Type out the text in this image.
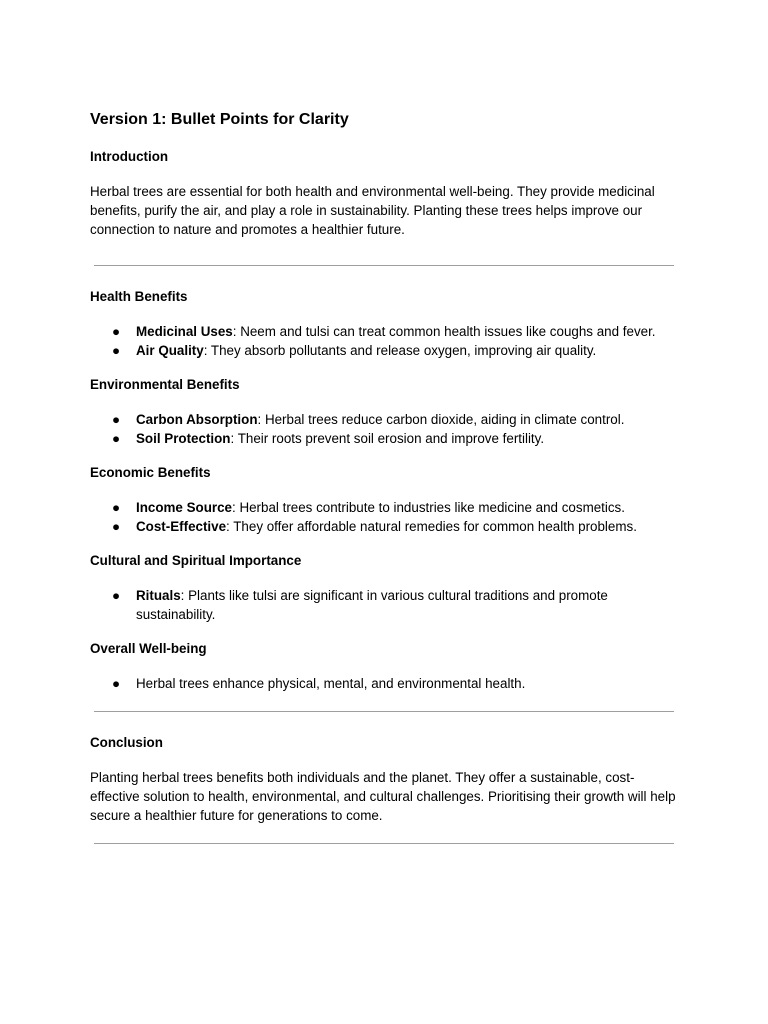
Version 1: Bullet Points for Clarity
Introduction

Herbal trees are essential for both health and environmental well-being. They provide medicinal benefits, purify the air, and play a role in sustainability. Planting these trees helps improve our connection to nature and promotes a healthier future.

Health Benefits
● Medicinal Uses: Neem and tulsi can treat common health issues like coughs and fever.
● Air Quality: They absorb pollutants and release oxygen, improving air quality.
Environmental Benefits
● Carbon Absorption: Herbal trees reduce carbon dioxide, aiding in climate control.
● Soil Protection: Their roots prevent soil erosion and improve fertility.
Economic Benefits
● Income Source: Herbal trees contribute to industries like medicine and cosmetics.
● Cost-Effective: They offer affordable natural remedies for common health problems.
Cultural and Spiritual Importance
● Rituals: Plants like tulsi are significant in various cultural traditions and promote sustainability.
Overall Well-being
● Herbal trees enhance physical, mental, and environmental health.
Conclusion

Planting herbal trees benefits both individuals and the planet. They offer a sustainable, cost-effective solution to health, environmental, and cultural challenges. Prioritising their growth will help secure a healthier future for generations to come.
